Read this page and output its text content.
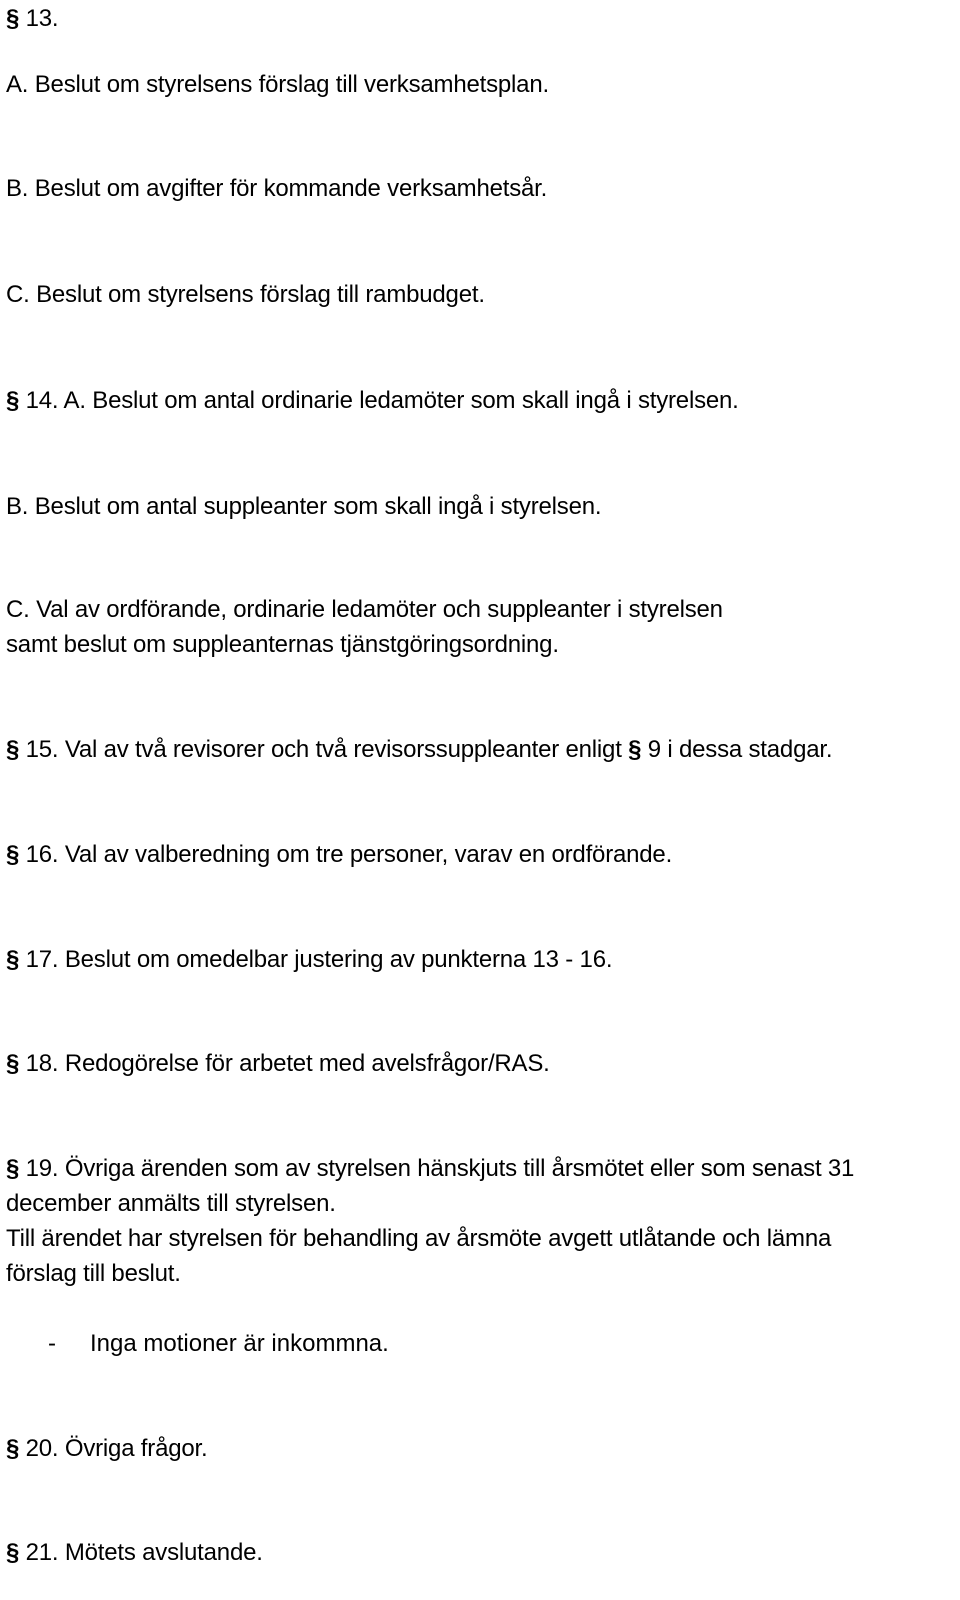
§ 13.
A. Beslut om styrelsens förslag till verksamhetsplan.
B. Beslut om avgifter för kommande verksamhetsår.
C. Beslut om styrelsens förslag till rambudget.
§ 14. A. Beslut om antal ordinarie ledamöter som skall ingå i styrelsen.
B. Beslut om antal suppleanter som skall ingå i styrelsen.
C. Val av ordförande, ordinarie ledamöter och suppleanter i styrelsen
samt beslut om suppleanternas tjänstgöringsordning.
§ 15. Val av två revisorer och två revisorssuppleanter enligt § 9 i dessa stadgar.
§ 16. Val av valberedning om tre personer, varav en ordförande.
§ 17. Beslut om omedelbar justering av punkterna 13 - 16.
§ 18. Redogörelse för arbetet med avelsfrågor/RAS.
§ 19. Övriga ärenden som av styrelsen hänskjuts till årsmötet eller som senast 31
december anmälts till styrelsen.
Till ärendet har styrelsen för behandling av årsmöte avgett utlåtande och lämna
förslag till beslut.
- Inga motioner är inkommna.
§ 20. Övriga frågor.
§ 21. Mötets avslutande.
